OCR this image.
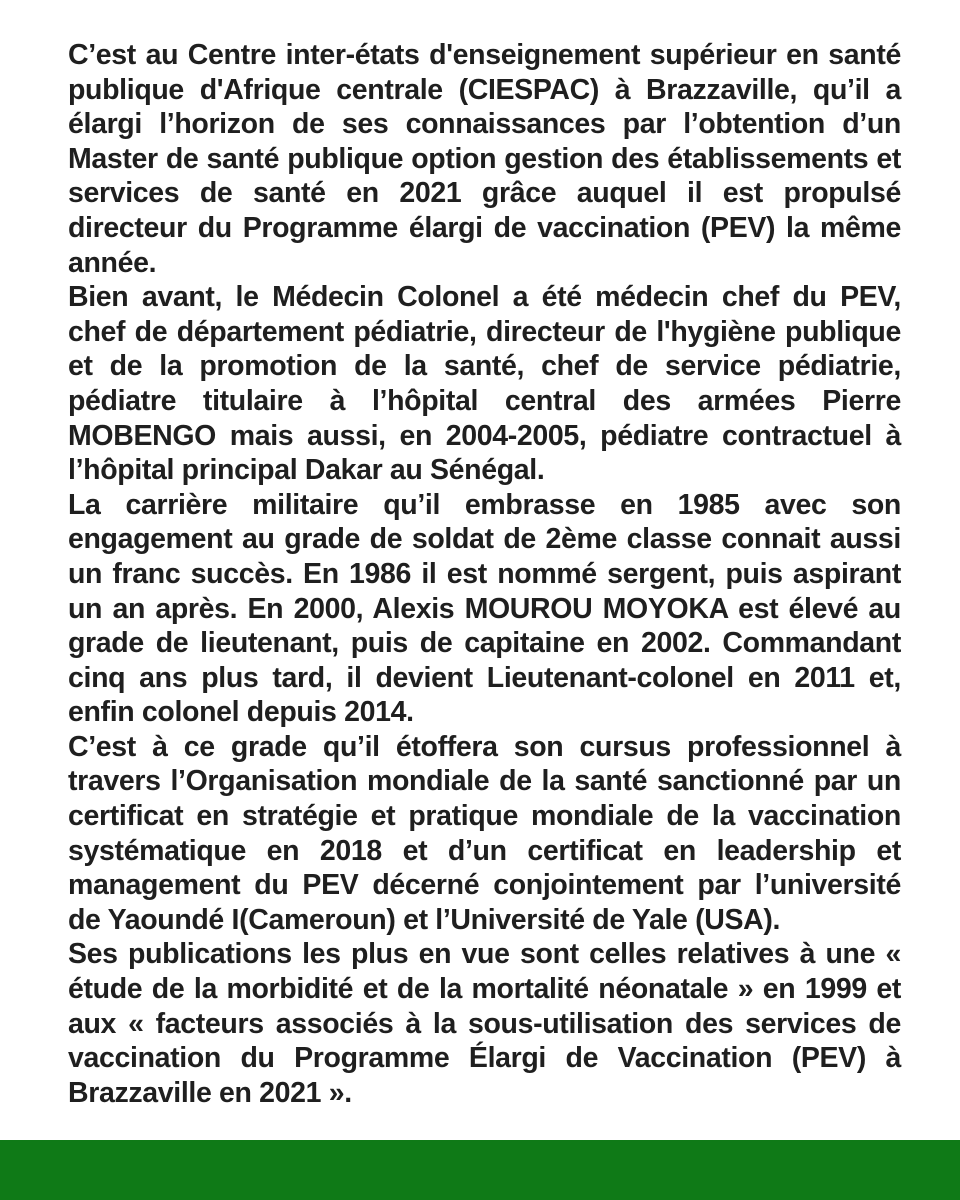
C’est au Centre inter-états d'enseignement supérieur en santé publique d'Afrique centrale (CIESPAC) à Brazzaville, qu’il a élargi l’horizon de ses connaissances par l’obtention d’un Master de santé publique option gestion des établissements et services de santé en 2021 grâce auquel il est propulsé directeur du Programme élargi de vaccination (PEV) la même année.

Bien avant, le Médecin Colonel a été médecin chef du PEV, chef de département pédiatrie, directeur de l'hygiène publique et de la promotion de la santé, chef de service pédiatrie, pédiatre titulaire à l’hôpital central des armées Pierre MOBENGO mais aussi, en 2004-2005, pédiatre contractuel à l’hôpital principal Dakar au Sénégal.

La carrière militaire qu’il embrasse en 1985 avec son engagement au grade de soldat de 2ème classe connait aussi un franc succès. En 1986 il est nommé sergent, puis aspirant un an après. En 2000, Alexis MOUROU MOYOKA est élevé au grade de lieutenant, puis de capitaine en 2002. Commandant cinq ans plus tard, il devient Lieutenant-colonel en 2011 et, enfin colonel depuis 2014.

C’est à ce grade qu’il étoffera son cursus professionnel à travers l’Organisation mondiale de la santé sanctionné par un certificat en stratégie et pratique mondiale de la vaccination systématique en 2018 et d’un certificat en leadership et management du PEV décerné conjointement par l’université de Yaoundé I(Cameroun) et l’Université de Yale (USA).

Ses publications les plus en vue sont celles relatives à une « étude de la morbidité et de la mortalité néonatale » en 1999 et aux « facteurs associés à la sous-utilisation des services de vaccination du Programme Élargi de Vaccination (PEV) à Brazzaville en 2021 ».
